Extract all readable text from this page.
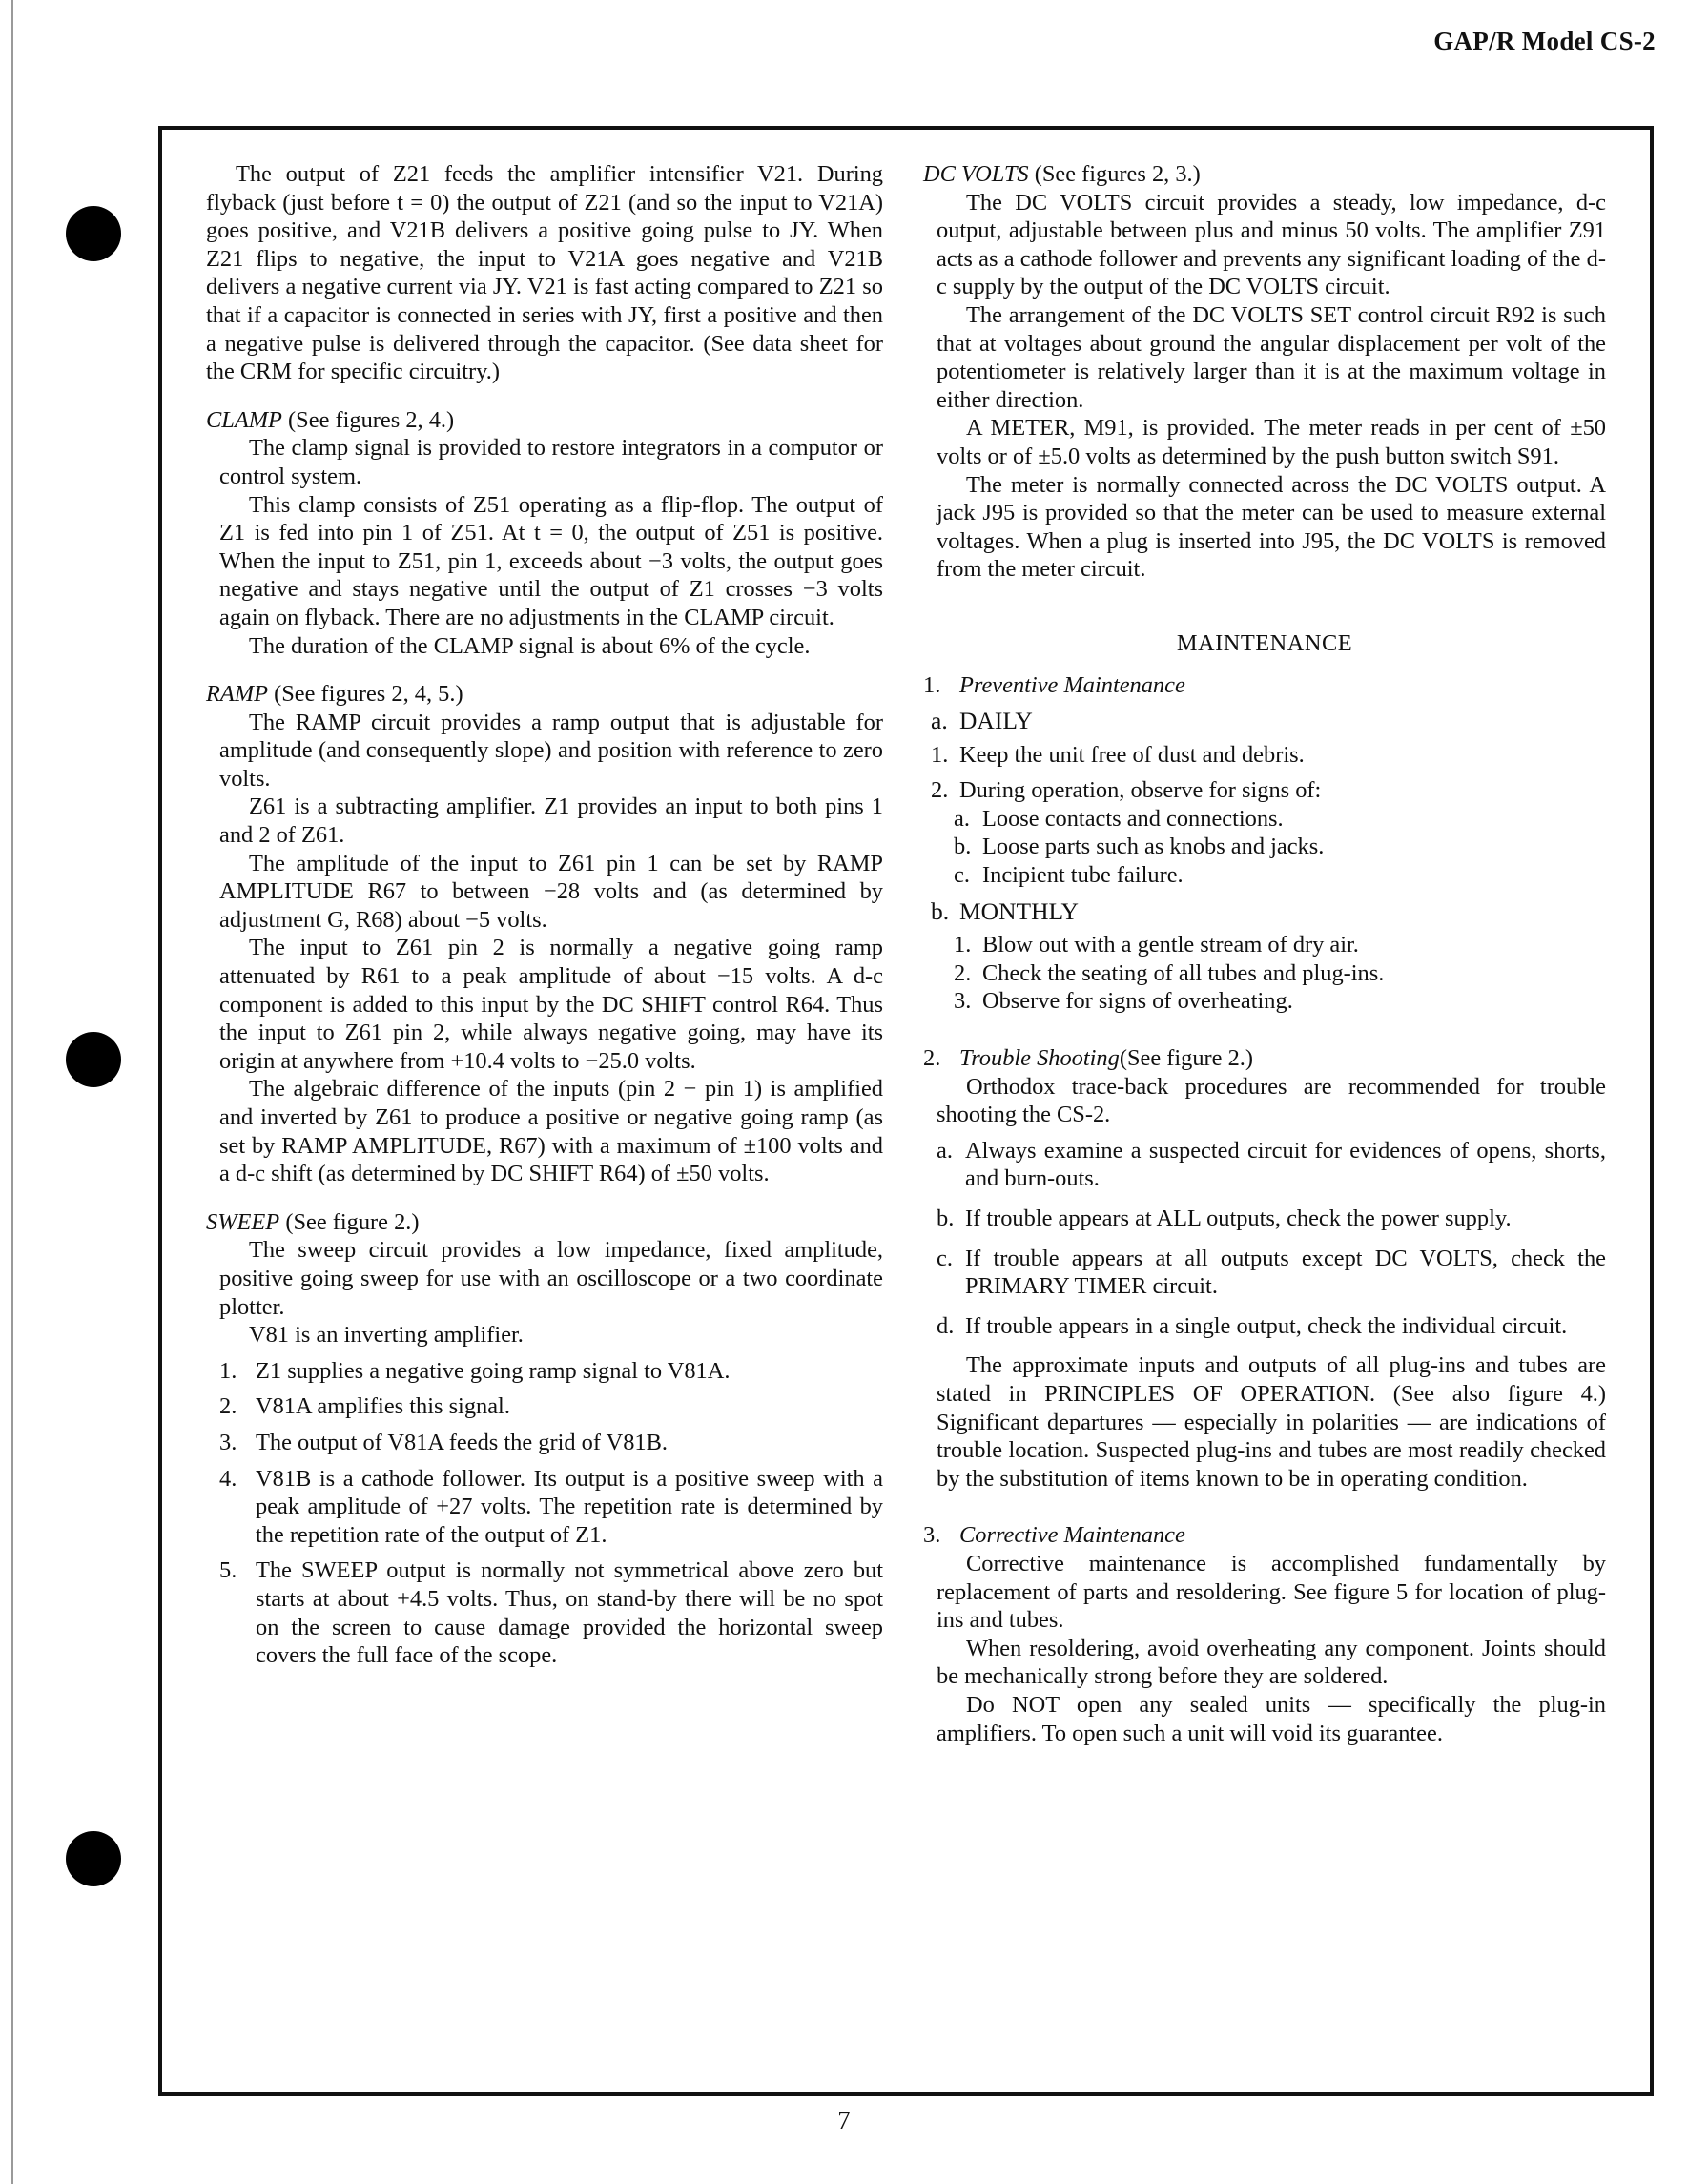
GAP/R Model CS-2

The output of Z21 feeds the amplifier intensifier V21. During flyback (just before t = 0) the output of Z21 (and so the input to V21A) goes positive, and V21B delivers a positive going pulse to JY. When Z21 flips to negative, the input to V21A goes negative and V21B delivers a negative current via JY. V21 is fast acting compared to Z21 so that if a capacitor is connected in series with JY, first a positive and then a negative pulse is delivered through the capacitor. (See data sheet for the CRM for specific circuitry.)

CLAMP (See figures 2, 4.)

The clamp signal is provided to restore integrators in a computor or control system.

This clamp consists of Z51 operating as a flip-flop. The output of Z1 is fed into pin 1 of Z51. At t = 0, the output of Z51 is positive. When the input to Z51, pin 1, exceeds about −3 volts, the output goes negative and stays negative until the output of Z1 crosses −3 volts again on flyback. There are no adjustments in the CLAMP circuit.

The duration of the CLAMP signal is about 6% of the cycle.

RAMP (See figures 2, 4, 5.)

The RAMP circuit provides a ramp output that is adjustable for amplitude (and consequently slope) and position with reference to zero volts.

Z61 is a subtracting amplifier. Z1 provides an input to both pins 1 and 2 of Z61.

The amplitude of the input to Z61 pin 1 can be set by RAMP AMPLITUDE R67 to between −28 volts and (as determined by adjustment G, R68) about −5 volts.

The input to Z61 pin 2 is normally a negative going ramp attenuated by R61 to a peak amplitude of about −15 volts. A d-c component is added to this input by the DC SHIFT control R64. Thus the input to Z61 pin 2, while always negative going, may have its origin at anywhere from +10.4 volts to −25.0 volts.

The algebraic difference of the inputs (pin 2 − pin 1) is amplified and inverted by Z61 to produce a positive or negative going ramp (as set by RAMP AMPLITUDE, R67) with a maximum of ±100 volts and a d-c shift (as determined by DC SHIFT R64) of ±50 volts.

SWEEP (See figure 2.)

The sweep circuit provides a low impedance, fixed amplitude, positive going sweep for use with an oscilloscope or a two coordinate plotter.

V81 is an inverting amplifier.

1. Z1 supplies a negative going ramp signal to V81A.
2. V81A amplifies this signal.
3. The output of V81A feeds the grid of V81B.
4. V81B is a cathode follower. Its output is a positive sweep with a peak amplitude of +27 volts. The repetition rate is determined by the repetition rate of the output of Z1.
5. The SWEEP output is normally not symmetrical above zero but starts at about +4.5 volts. Thus, on stand-by there will be no spot on the screen to cause damage provided the horizontal sweep covers the full face of the scope.

DC VOLTS (See figures 2, 3.)

The DC VOLTS circuit provides a steady, low impedance, d-c output, adjustable between plus and minus 50 volts. The amplifier Z91 acts as a cathode follower and prevents any significant loading of the d-c supply by the output of the DC VOLTS circuit.

The arrangement of the DC VOLTS SET control circuit R92 is such that at voltages about ground the angular displacement per volt of the potentiometer is relatively larger than it is at the maximum voltage in either direction.

A METER, M91, is provided. The meter reads in per cent of ±50 volts or of ±5.0 volts as determined by the push button switch S91.

The meter is normally connected across the DC VOLTS output. A jack J95 is provided so that the meter can be used to measure external voltages. When a plug is inserted into J95, the DC VOLTS is removed from the meter circuit.

MAINTENANCE

1. Preventive Maintenance
a. DAILY
1. Keep the unit free of dust and debris.
2. During operation, observe for signs of:
a. Loose contacts and connections.
b. Loose parts such as knobs and jacks.
c. Incipient tube failure.
b. MONTHLY
1. Blow out with a gentle stream of dry air.
2. Check the seating of all tubes and plug-ins.
3. Observe for signs of overheating.
2. Trouble Shooting (See figure 2.)

Orthodox trace-back procedures are recommended for trouble shooting the CS-2.

a. Always examine a suspected circuit for evidences of opens, shorts, and burn-outs.
b. If trouble appears at ALL outputs, check the power supply.
c. If trouble appears at all outputs except DC VOLTS, check the PRIMARY TIMER circuit.
d. If trouble appears in a single output, check the individual circuit.

The approximate inputs and outputs of all plug-ins and tubes are stated in PRINCIPLES OF OPERATION. (See also figure 4.) Significant departures — especially in polarities — are indications of trouble location. Suspected plug-ins and tubes are most readily checked by the substitution of items known to be in operating condition.

3. Corrective Maintenance

Corrective maintenance is accomplished fundamentally by replacement of parts and resoldering. See figure 5 for location of plug-ins and tubes.

When resoldering, avoid overheating any component. Joints should be mechanically strong before they are soldered.

Do NOT open any sealed units — specifically the plug-in amplifiers. To open such a unit will void its guarantee.

7
